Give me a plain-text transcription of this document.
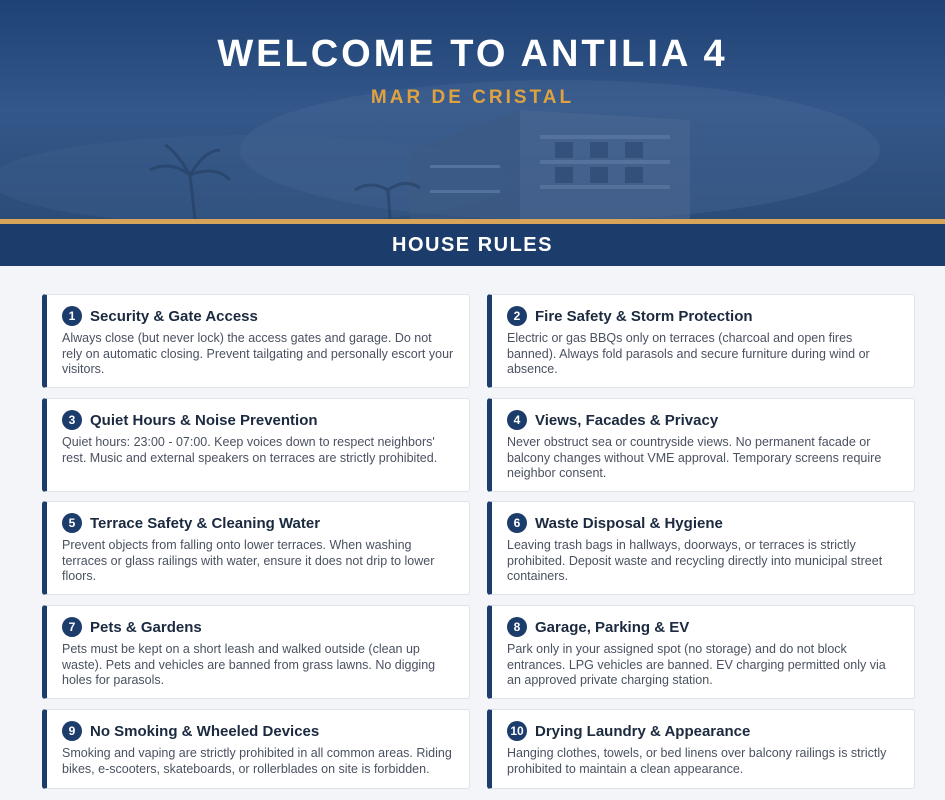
WELCOME TO ANTILIA 4
MAR DE CRISTAL
HOUSE RULES
1 Security & Gate Access
Always close (but never lock) the access gates and garage. Do not rely on automatic closing. Prevent tailgating and personally escort your visitors.
2 Fire Safety & Storm Protection
Electric or gas BBQs only on terraces (charcoal and open fires banned). Always fold parasols and secure furniture during wind or absence.
3 Quiet Hours & Noise Prevention
Quiet hours: 23:00 - 07:00. Keep voices down to respect neighbors' rest. Music and external speakers on terraces are strictly prohibited.
4 Views, Facades & Privacy
Never obstruct sea or countryside views. No permanent facade or balcony changes without VME approval. Temporary screens require neighbor consent.
5 Terrace Safety & Cleaning Water
Prevent objects from falling onto lower terraces. When washing terraces or glass railings with water, ensure it does not drip to lower floors.
6 Waste Disposal & Hygiene
Leaving trash bags in hallways, doorways, or terraces is strictly prohibited. Deposit waste and recycling directly into municipal street containers.
7 Pets & Gardens
Pets must be kept on a short leash and walked outside (clean up waste). Pets and vehicles are banned from grass lawns. No digging holes for parasols.
8 Garage, Parking & EV
Park only in your assigned spot (no storage) and do not block entrances. LPG vehicles are banned. EV charging permitted only via an approved private charging station.
9 No Smoking & Wheeled Devices
Smoking and vaping are strictly prohibited in all common areas. Riding bikes, e-scooters, skateboards, or rollerblades on site is forbidden.
10 Drying Laundry & Appearance
Hanging clothes, towels, or bed linens over balcony railings is strictly prohibited to maintain a clean appearance.
